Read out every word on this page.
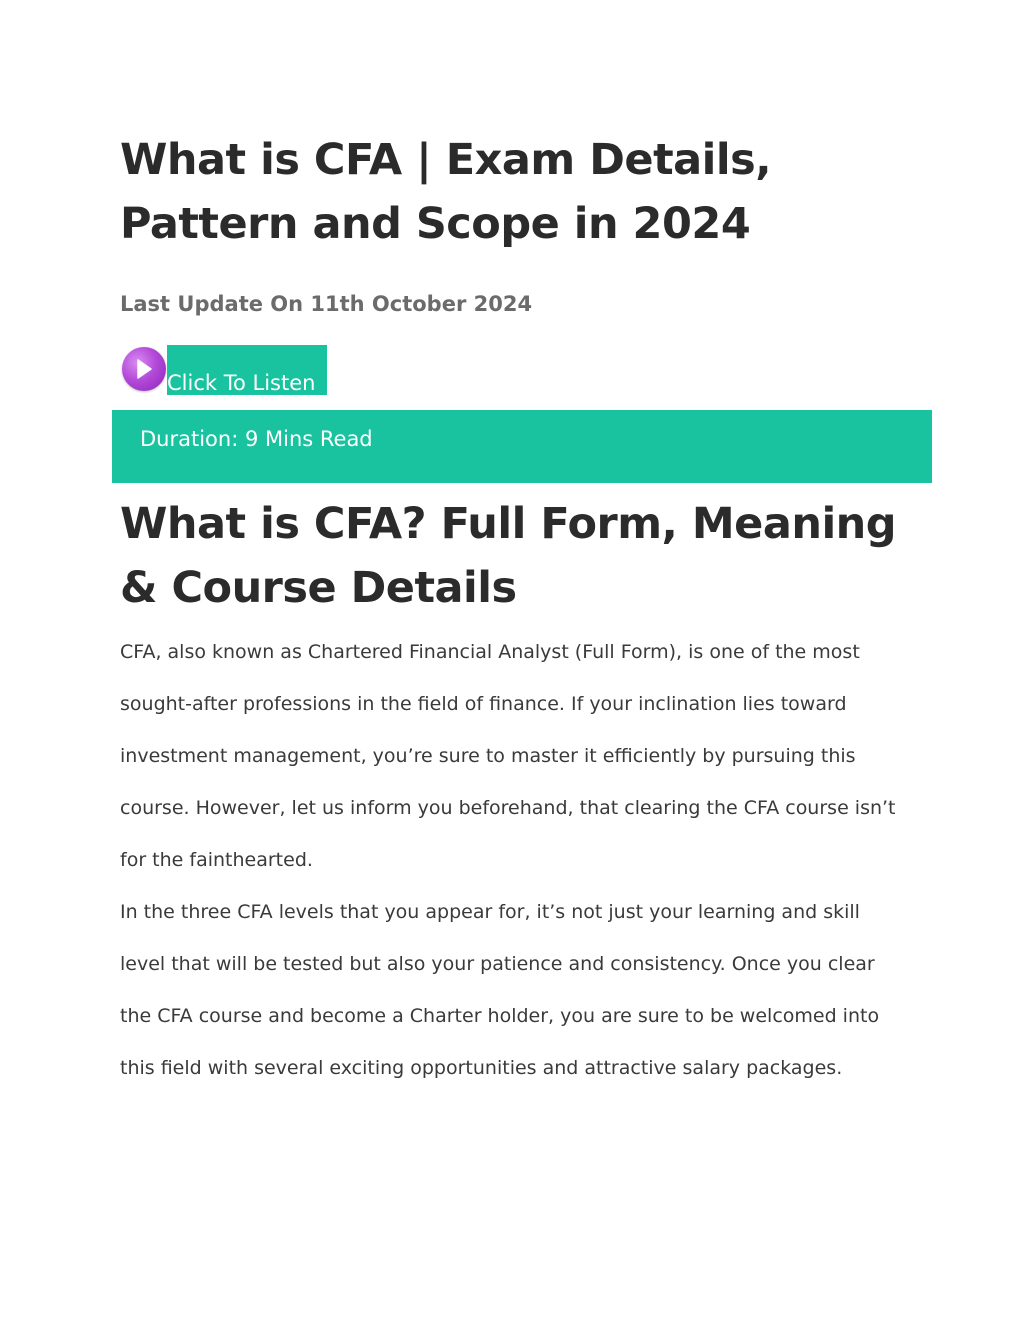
What is CFA | Exam Details, Pattern and Scope in 2024

Last Update On 11th October 2024

Click To Listen
Duration: 9 Mins Read
What is CFA? Full Form, Meaning & Course Details

CFA, also known as Chartered Financial Analyst (Full Form), is one of the most sought-after professions in the field of finance. If your inclination lies toward investment management, you’re sure to master it efficiently by pursuing this course. However, let us inform you beforehand, that clearing the CFA course isn’t for the fainthearted.

In the three CFA levels that you appear for, it’s not just your learning and skill level that will be tested but also your patience and consistency. Once you clear the CFA course and become a Charter holder, you are sure to be welcomed into this field with several exciting opportunities and attractive salary packages.
